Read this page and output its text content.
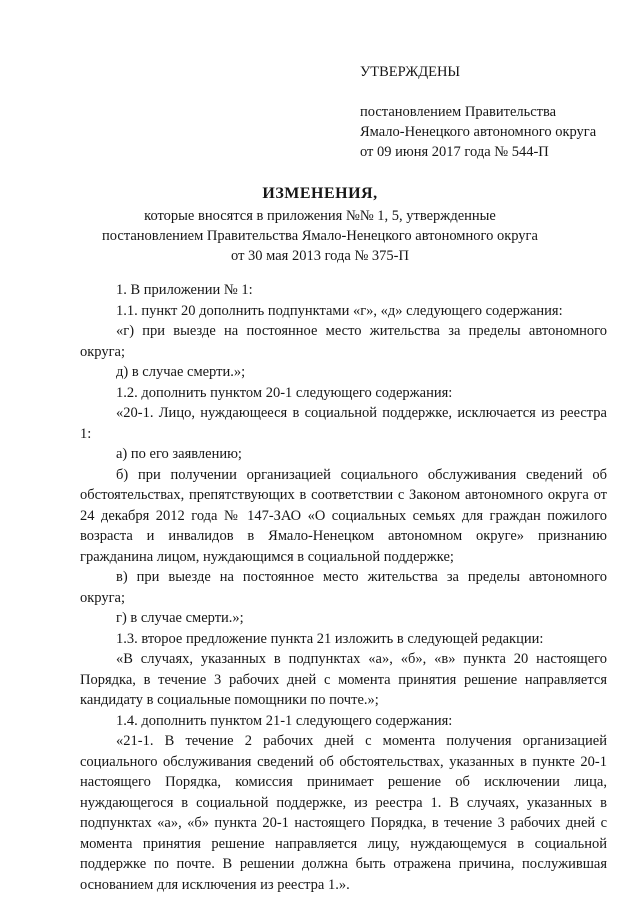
УТВЕРЖДЕНЫ
постановлением Правительства
Ямало-Ненецкого автономного округа
от 09 июня 2017 года № 544-П
ИЗМЕНЕНИЯ,
которые вносятся в приложения №№ 1, 5, утвержденные
постановлением Правительства Ямало-Ненецкого автономного округа
от 30 мая 2013 года № 375-П

1. В приложении № 1:

1.1. пункт 20 дополнить подпунктами «г», «д» следующего содержания:

«г) при выезде на постоянное место жительства за пределы автономного округа;

д) в случае смерти.»;

1.2. дополнить пунктом 20-1 следующего содержания:

«20-1. Лицо, нуждающееся в социальной поддержке, исключается из реестра 1:

а) по его заявлению;

б) при получении организацией социального обслуживания сведений об обстоятельствах, препятствующих в соответствии с Законом автономного округа от 24 декабря 2012 года № 147-ЗАО «О социальных семьях для граждан пожилого возраста и инвалидов в Ямало-Ненецком автономном округе» признанию гражданина лицом, нуждающимся в социальной поддержке;

в) при выезде на постоянное место жительства за пределы автономного округа;

г) в случае смерти.»;

1.3. второе предложение пункта 21 изложить в следующей редакции:

«В случаях, указанных в подпунктах «а», «б», «в» пункта 20 настоящего Порядка, в течение 3 рабочих дней с момента принятия решение направляется кандидату в социальные помощники по почте.»;

1.4. дополнить пунктом 21-1 следующего содержания:

«21-1. В течение 2 рабочих дней с момента получения организацией социального обслуживания сведений об обстоятельствах, указанных в пункте 20-1 настоящего Порядка, комиссия принимает решение об исключении лица, нуждающегося в социальной поддержке, из реестра 1. В случаях, указанных в подпунктах «а», «б» пункта 20-1 настоящего Порядка, в течение 3 рабочих дней с момента принятия решение направляется лицу, нуждающемуся в социальной поддержке по почте. В решении должна быть отражена причина, послужившая основанием для исключения из реестра 1.».
